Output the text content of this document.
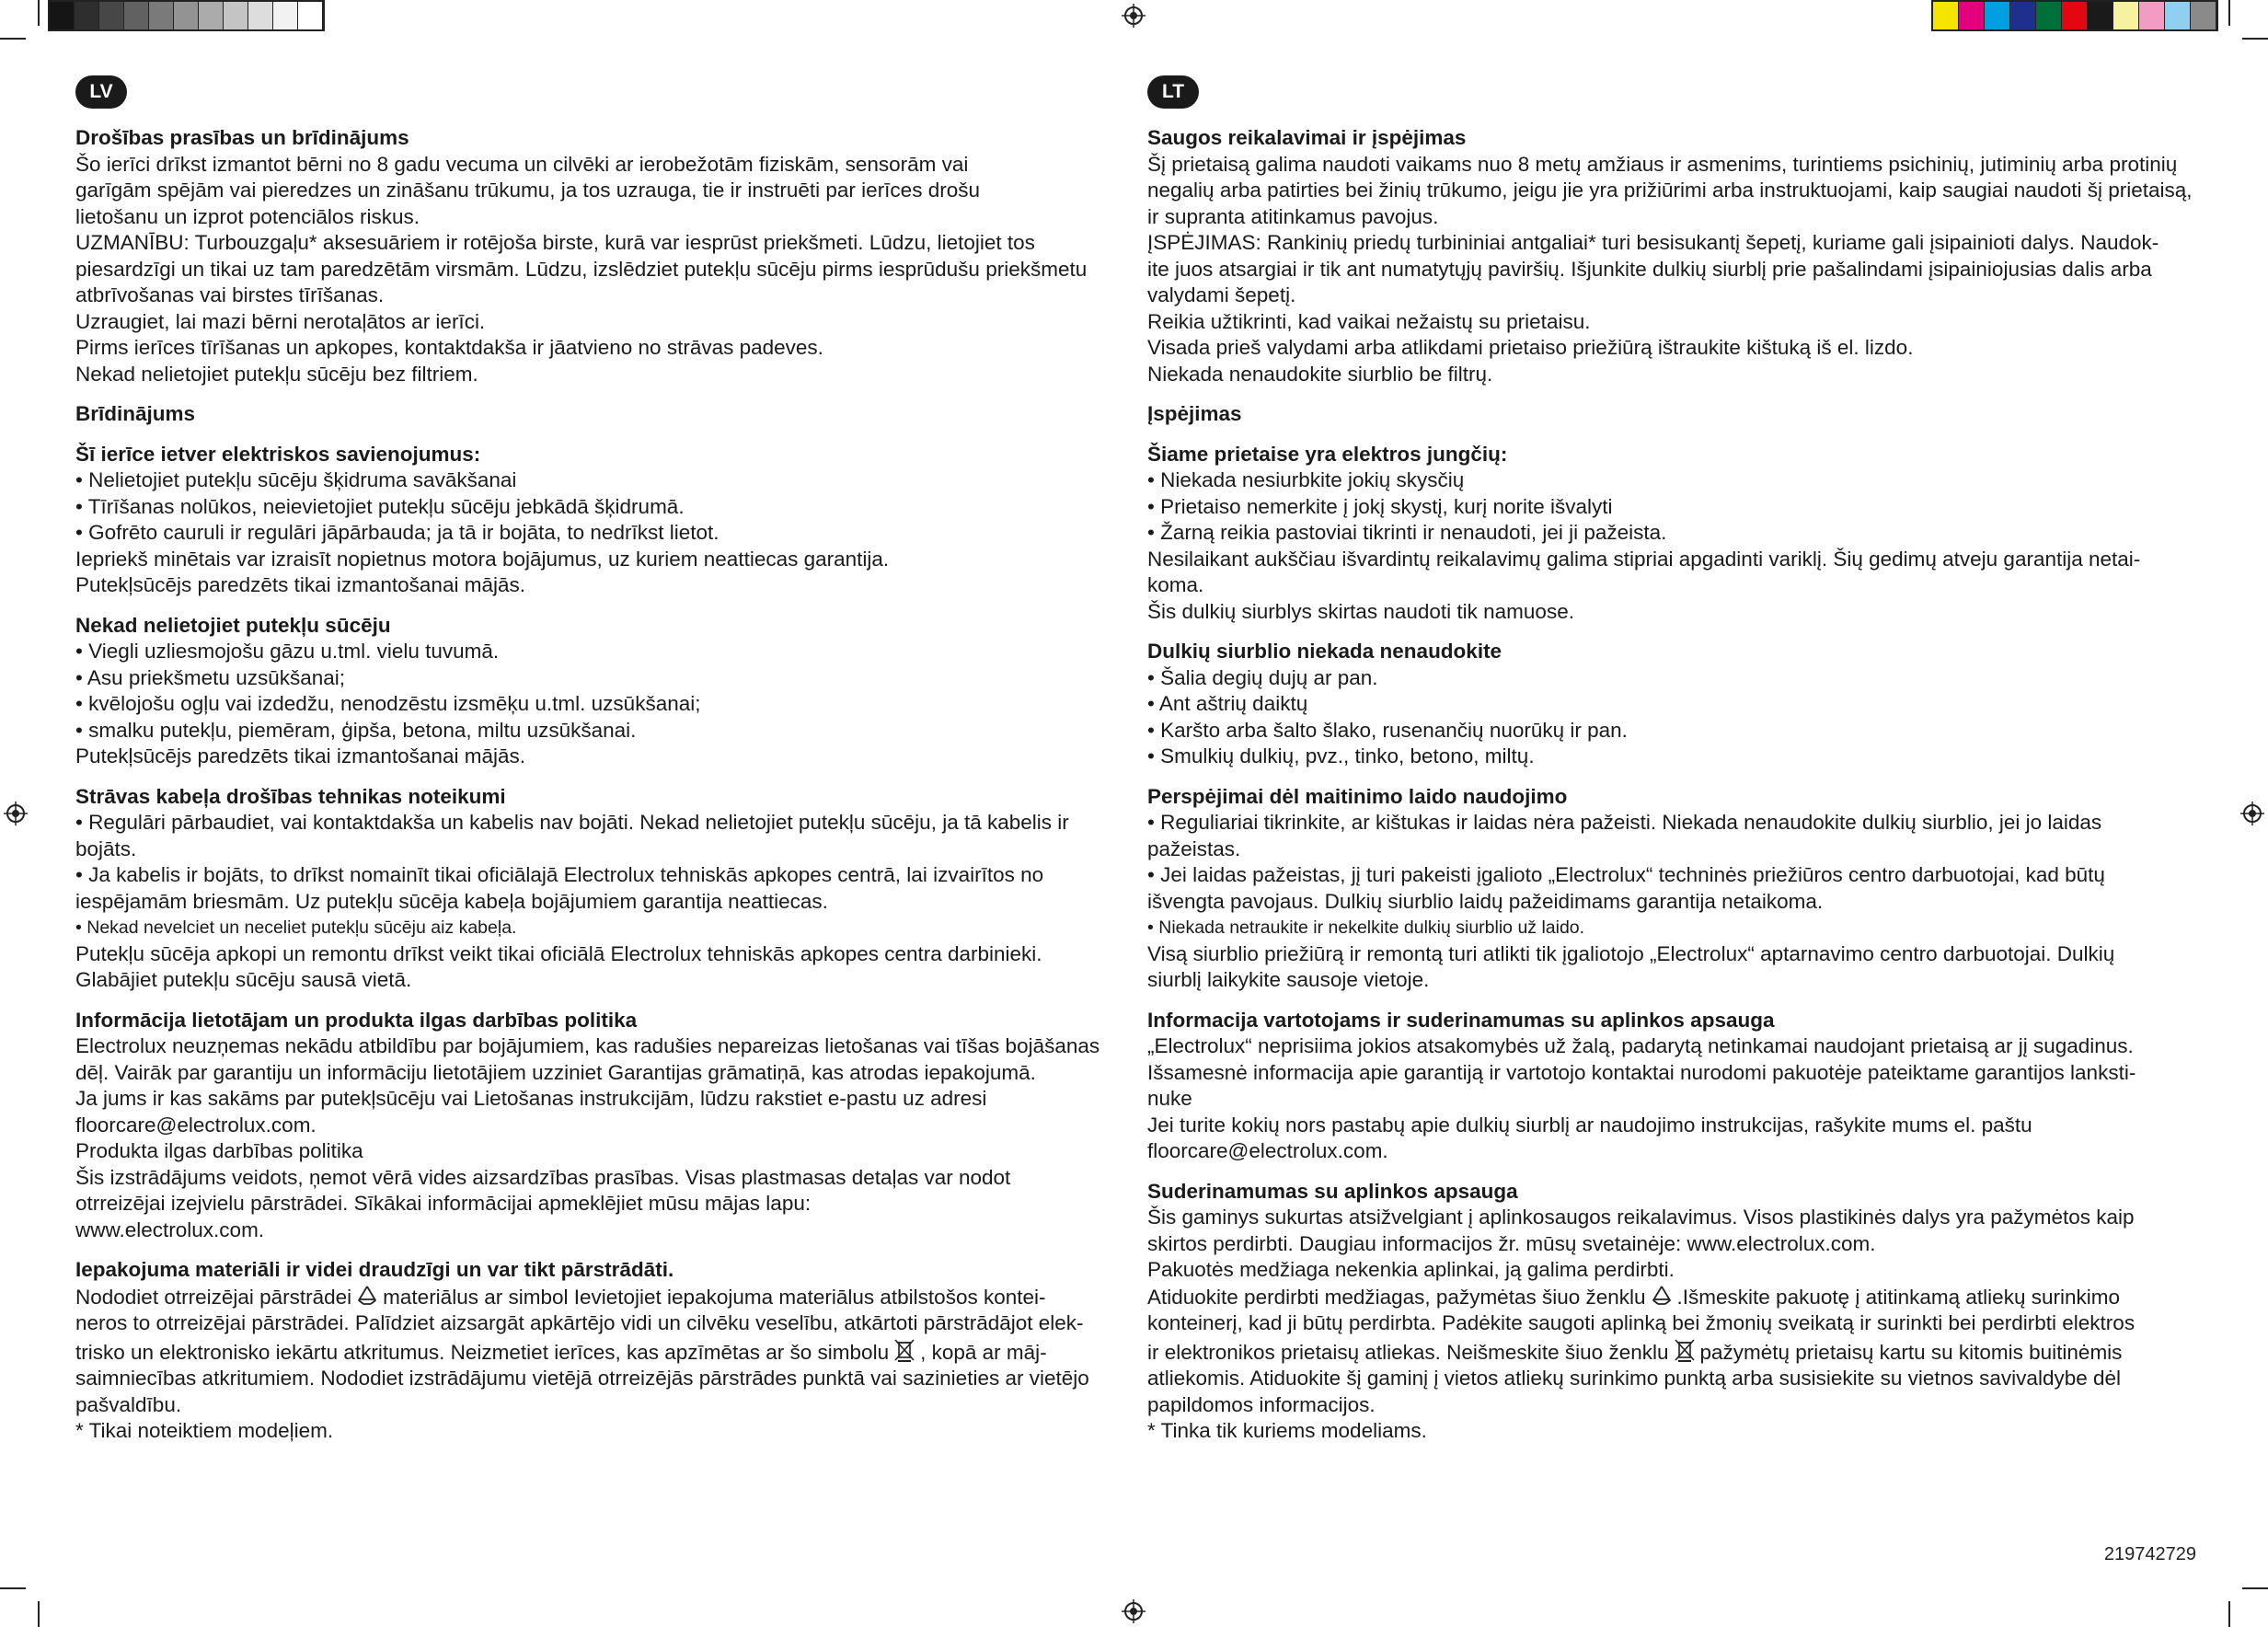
LV
Drošības prasības un brīdinājums

Šo ierīci drīkst izmantot bērni no 8 gadu vecuma un cilvēki ar ierobežotām fiziskām, sensorām vai

garīgām spējām vai pieredzes un zināšanu trūkumu, ja tos uzrauga, tie ir instruēti par ierīces drošu

lietošanu un izprot potenciālos riskus.

UZMANĪBU: Turbouzgaļu* aksesuāriem ir rotējoša birste, kurā var iesprūst priekšmeti. Lūdzu, lietojiet tos

piesardzīgi un tikai uz tam paredzētām virsmām. Lūdzu, izslēdziet putekļu sūcēju pirms iesprūdušu priekšmetu

atbrīvošanas vai birstes tīrīšanas.

Uzraugiet, lai mazi bērni nerotaļātos ar ierīci.

Pirms ierīces tīrīšanas un apkopes, kontaktdakša ir jāatvieno no strāvas padeves.

Nekad nelietojiet putekļu sūcēju bez filtriem.

Brīdinājums
Šī ierīce ietver elektriskos savienojumus:

• Nelietojiet putekļu sūcēju šķidruma savākšanai

• Tīrīšanas nolūkos, neievietojiet putekļu sūcēju jebkādā šķidrumā.

• Gofrēto cauruli ir regulāri jāpārbauda; ja tā ir bojāta, to nedrīkst lietot.

Iepriekš minētais var izraisīt nopietnus motora bojājumus, uz kuriem neattiecas garantija.

Putekļsūcējs paredzēts tikai izmantošanai mājās.

Nekad nelietojiet putekļu sūcēju

• Viegli uzliesmojošu gāzu u.tml. vielu tuvumā.

• Asu priekšmetu uzsūkšanai;

• kvēlojošu ogļu vai izdedžu, nenodzēstu izsmēķu u.tml. uzsūkšanai;

• smalku putekļu, piemēram, ģipša, betona, miltu uzsūkšanai.

Putekļsūcējs paredzēts tikai izmantošanai mājās.

Strāvas kabeļa drošības tehnikas noteikumi

• Regulāri pārbaudiet, vai kontaktdakša un kabelis nav bojāti. Nekad nelietojiet putekļu sūcēju, ja tā kabelis ir

bojāts.

• Ja kabelis ir bojāts, to drīkst nomainīt tikai oficiālajā Electrolux tehniskās apkopes centrā, lai izvairītos no

iespējamām briesmām. Uz putekļu sūcēja kabeļa bojājumiem garantija neattiecas.

• Nekad nevelciet un neceliet putekļu sūcēju aiz kabeļa.

Putekļu sūcēja apkopi un remontu drīkst veikt tikai oficiālā Electrolux tehniskās apkopes centra darbinieki.

Glabājiet putekļu sūcēju sausā vietā.

Informācija lietotājam un produkta ilgas darbības politika

Electrolux neuzņemas nekādu atbildību par bojājumiem, kas radušies nepareizas lietošanas vai tīšas bojāšanas

dēļ. Vairāk par garantiju un informāciju lietotājiem uzziniet Garantijas grāmatiņā, kas atrodas iepakojumā.

Ja jums ir kas sakāms par putekļsūcēju vai Lietošanas instrukcijām, lūdzu rakstiet e-pastu uz adresi

floorcare@electrolux.com.

Produkta ilgas darbības politika

Šis izstrādājums veidots, ņemot vērā vides aizsardzības prasības. Visas plastmasas detaļas var nodot

otrreizējai izejvielu pārstrādei. Sīkākai informācijai apmeklējiet mūsu mājas lapu:

www.electrolux.com.

Iepakojuma materiāli ir videi draudzīgi un var tikt pārstrādāti.

Nododiet otrreizējai pārstrādei materiālus ar simbol Ievietojiet iepakojuma materiālus atbilstošos kontei-

neros to otrreizējai pārstrādei. Palīdziet aizsargāt apkārtējo vidi un cilvēku veselību, atkārtoti pārstrādājot elek-

trisko un elektronisko iekārtu atkritumus. Neizmetiet ierīces, kas apzīmētas ar šo simbolu , kopā ar māj-

saimniecības atkritumiem. Nododiet izstrādājumu vietējā otrreizējās pārstrādes punktā vai sazinieties ar vietējo

pašvaldību.

* Tikai noteiktiem modeļiem.

LT
Saugos reikalavimai ir įspėjimas

Šį prietaisą galima naudoti vaikams nuo 8 metų amžiaus ir asmenims, turintiems psichinių, jutiminių arba protinių

negalių arba patirties bei žinių trūkumo, jeigu jie yra prižiūrimi arba instruktuojami, kaip saugiai naudoti šį prietaisą,

ir supranta atitinkamus pavojus.

ĮSPĖJIMAS: Rankinių priedų turbininiai antgaliai* turi besisukantį šepetį, kuriame gali įsipainioti dalys. Naudok-

ite juos atsargiai ir tik ant numatytųjų paviršių. Išjunkite dulkių siurblį prie pašalindami įsipainiojusias dalis arba

valydami šepetį.

Reikia užtikrinti, kad vaikai nežaistų su prietaisu.

Visada prieš valydami arba atlikdami prietaiso priežiūrą ištraukite kištuką iš el. lizdo.

Niekada nenaudokite siurblio be filtrų.

Įspėjimas
Šiame prietaise yra elektros jungčių:

• Niekada nesiurbkite jokių skysčių

• Prietaiso nemerkite į jokį skystį, kurį norite išvalyti

• Žarną reikia pastoviai tikrinti ir nenaudoti, jei ji pažeista.

Nesilaikant aukščiau išvardintų reikalavimų galima stipriai apgadinti variklį. Šių gedimų atveju garantija netai-

koma.

Šis dulkių siurblys skirtas naudoti tik namuose.

Dulkių siurblio niekada nenaudokite

• Šalia degių dujų ar pan.

• Ant aštrių daiktų

• Karšto arba šalto šlako, rusenančių nuorūkų ir pan.

• Smulkių dulkių, pvz., tinko, betono, miltų.

Perspėjimai dėl maitinimo laido naudojimo

• Reguliariai tikrinkite, ar kištukas ir laidas nėra pažeisti. Niekada nenaudokite dulkių siurblio, jei jo laidas

pažeistas.

• Jei laidas pažeistas, jį turi pakeisti įgalioto „Electrolux“ techninės priežiūros centro darbuotojai, kad būtų

išvengta pavojaus. Dulkių siurblio laidų pažeidimams garantija netaikoma.

• Niekada netraukite ir nekelkite dulkių siurblio už laido.

Visą siurblio priežiūrą ir remontą turi atlikti tik įgaliotojo „Electrolux“ aptarnavimo centro darbuotojai. Dulkių

siurblį laikykite sausoje vietoje.

Informacija vartotojams ir suderinamumas su aplinkos apsauga

„Electrolux“ neprisiima jokios atsakomybės už žalą, padarytą netinkamai naudojant prietaisą ar jį sugadinus.

Išsamesnė informacija apie garantiją ir vartotojo kontaktai nurodomi pakuotėje pateiktame garantijos lanksti-

nuke

Jei turite kokių nors pastabų apie dulkių siurblį ar naudojimo instrukcijas, rašykite mums el. paštu

floorcare@electrolux.com.

Suderinamumas su aplinkos apsauga

Šis gaminys sukurtas atsižvelgiant į aplinkosaugos reikalavimus. Visos plastikinės dalys yra pažymėtos kaip

skirtos perdirbti. Daugiau informacijos žr. mūsų svetainėje: www.electrolux.com.

Pakuotės medžiaga nekenkia aplinkai, ją galima perdirbti.

Atiduokite perdirbti medžiagas, pažymėtas šiuo ženklu .Išmeskite pakuotę į atitinkamą atliekų surinkimo

konteinerį, kad ji būtų perdirbta. Padėkite saugoti aplinką bei žmonių sveikatą ir surinkti bei perdirbti elektros

ir elektronikos prietaisų atliekas. Neišmeskite šiuo ženklu pažymėtų prietaisų kartu su kitomis buitinėmis

atliekomis. Atiduokite šį gaminį į vietos atliekų surinkimo punktą arba susisiekite su vietnos savivaldybe dėl

papildomos informacijos.

* Tinka tik kuriems modeliams.

219742729
